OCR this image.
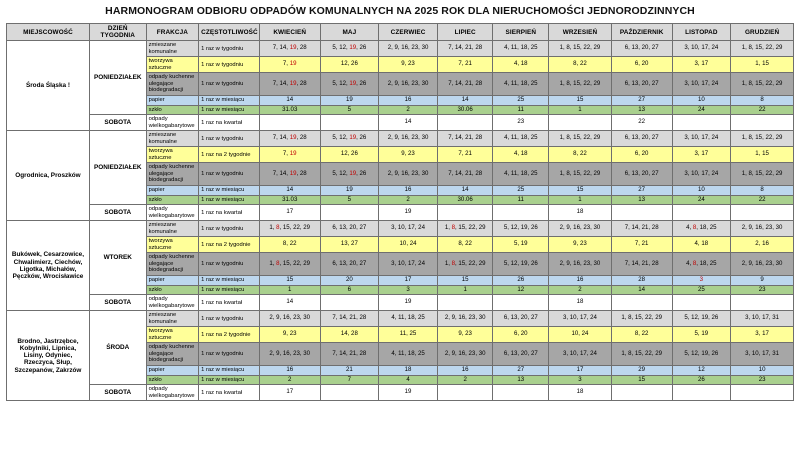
HARMONOGRAM ODBIORU ODPADÓW KOMUNALNYCH NA 2025 ROK DLA NIERUCHOMOŚCI JEDNORODZINNYCH
MIEJSCOWOŚĆ	DZIEŃ TYGODNIA	FRAKCJA	CZĘSTOTLIWOŚĆ	KWIECIEŃ	MAJ	CZERWIEC	LIPIEC	SIERPIEŃ	WRZESIEŃ	PAŹDZIERNIK	LISTOPAD	GRUDZIEŃ
Środa Śląska !	PONIEDZIAŁEK	zmieszane komunalne	1 raz w tygodniu	7, 14, 19, 28	5, 12, 19, 26	2, 9, 16, 23, 30	7, 14, 21, 28	4, 11, 18, 25	1, 8, 15, 22, 29	6, 13, 20, 27	3, 10, 17, 24	1, 8, 15, 22, 29
		tworzywa sztuczne	1 raz w tygodniu	7, 19	12, 26	9, 23	7, 21	4, 18	8, 22	6, 20	3, 17	1, 15
		odpady kuchenne ulegające biodegradacji	1 raz w tygodniu	7, 14, 19, 28	5, 12, 19, 26	2, 9, 16, 23, 30	7, 14, 21, 28	4, 11, 18, 25	1, 8, 15, 22, 29	6, 13, 20, 27	3, 10, 17, 24	1, 8, 15, 22, 29
		papier	1 raz w miesiącu	14	19	16	14	25	15	27	10	8
		szkło	1 raz w miesiącu	31.03	5	2	30.06	11	1	13	24	22
	SOBOTA	odpady wielkogabarytowe	1 raz na kwartał			14		23		22		
Ogrodnica, Proszków	PONIEDZIAŁEK	zmieszane komunalne	1 raz w tygodniu	7, 14, 19, 28	5, 12, 19, 26	2, 9, 16, 23, 30	7, 14, 21, 28	4, 11, 18, 25	1, 8, 15, 22, 29	6, 13, 20, 27	3, 10, 17, 24	1, 8, 15, 22, 29
		tworzywa sztuczne	1 raz na 2 tygodnie	7, 19	12, 26	9, 23	7, 21	4, 18	8, 22	6, 20	3, 17	1, 15
		odpady kuchenne ulegające biodegradacji	1 raz w tygodniu	7, 14, 19, 28	5, 12, 19, 26	2, 9, 16, 23, 30	7, 14, 21, 28	4, 11, 18, 25	1, 8, 15, 22, 29	6, 13, 20, 27	3, 10, 17, 24	1, 8, 15, 22, 29
		papier	1 raz w miesiącu	14	19	16	14	25	15	27	10	8
		szkło	1 raz w miesiącu	31.03	5	2	30.06	11	1	13	24	22
	SOBOTA	odpady wielkogabarytowe	1 raz na kwartał	17		19			18			
Bukówek, Cesarzowice, Chwalimierz, Ciechów, Ligotka, Michałów, Pęczków, Wrocisławice	WTOREK	zmieszane komunalne	1 raz w tygodniu	1, 8, 15, 22, 29	6, 13, 20, 27	3, 10, 17, 24	1, 8, 15, 22, 29	5, 12, 19, 26	2, 9, 16, 23, 30	7, 14, 21, 28	4, 8, 18, 25	2, 9, 16, 23, 30
		tworzywa sztuczne	1 raz na 2 tygodnie	8, 22	13, 27	10, 24	8, 22	5, 19	9, 23	7, 21	4, 18	2, 16
		odpady kuchenne ulegające biodegradacji	1 raz w tygodniu	1, 8, 15, 22, 29	6, 13, 20, 27	3, 10, 17, 24	1, 8, 15, 22, 29	5, 12, 19, 26	2, 9, 16, 23, 30	7, 14, 21, 28	4, 8, 18, 25	2, 9, 16, 23, 30
		papier	1 raz w miesiącu	15	20	17	15	26	16	28	3	9
		szkło	1 raz w miesiącu	1	6	3	1	12	2	14	25	23
	SOBOTA	odpady wielkogabarytowe	1 raz na kwartał	14		19			18			
Brodno, Jastrzębce, Kobylniki, Lipnica, Lisiny, Odyniec, Rzeczyca, Słup, Szczepanów, Zakrzów	ŚRODA	zmieszane komunalne	1 raz w tygodniu	2, 9, 16, 23, 30	7, 14, 21, 28	4, 11, 18, 25	2, 9, 16, 23, 30	6, 13, 20, 27	3, 10, 17, 24	1, 8, 15, 22, 29	5, 12, 19, 26	3, 10, 17, 31
		tworzywa sztuczne	1 raz na 2 tygodnie	9, 23	14, 28	11, 25	9, 23	6, 20	10, 24	8, 22	5, 19	3, 17
		odpady kuchenne ulegające biodegradacji	1 raz w tygodniu	2, 9, 16, 23, 30	7, 14, 21, 28	4, 11, 18, 25	2, 9, 16, 23, 30	6, 13, 20, 27	3, 10, 17, 24	1, 8, 15, 22, 29	5, 12, 19, 26	3, 10, 17, 31
		papier	1 raz w miesiącu	16	21	18	16	27	17	29	12	10
		szkło	1 raz w miesiącu	2	7	4	2	13	3	15	26	23
	SOBOTA	odpady wielkogabarytowe	1 raz na kwartał	17		19			18			
